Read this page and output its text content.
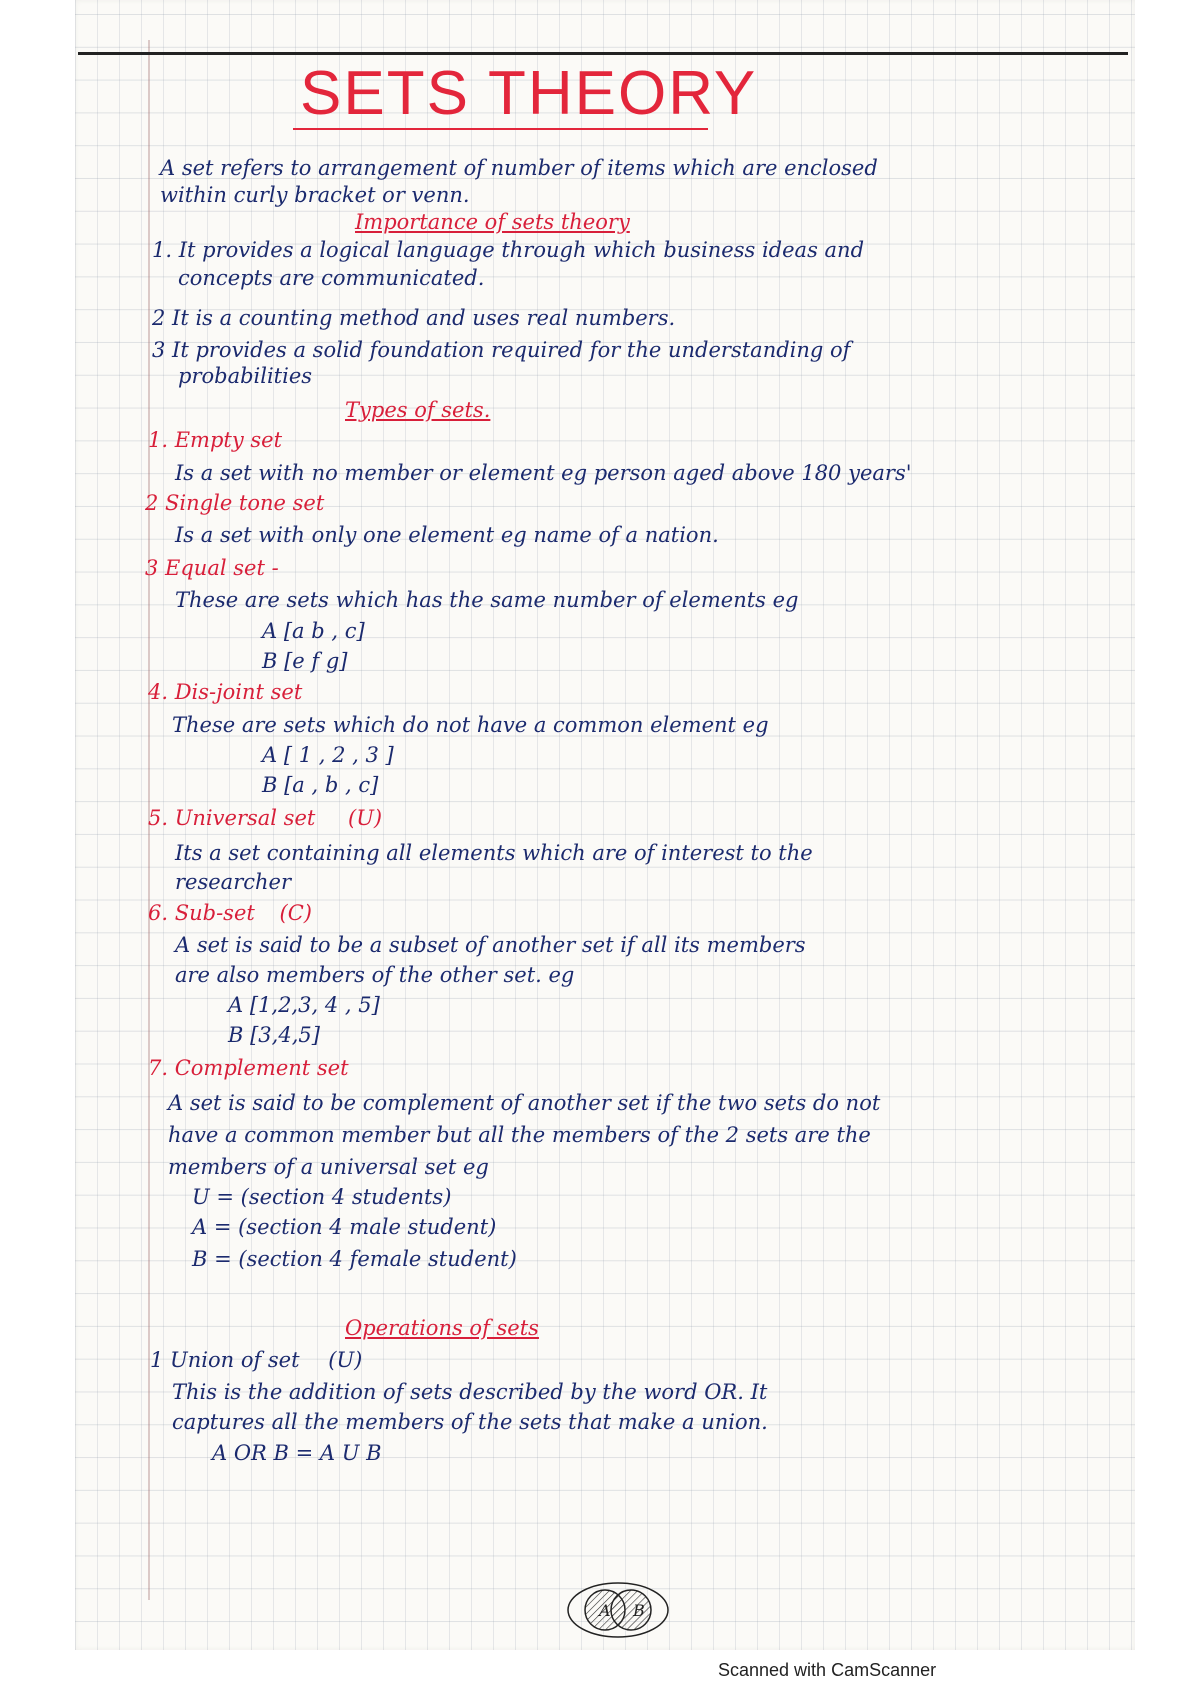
SETS THEORY
A set refers to arrangement of number of items which are enclosed
within curly bracket or venn.
Importance of sets theory
1. It provides a logical language through which business ideas and
concepts are communicated.
2 It is a counting method and uses real numbers.
3 It provides a solid foundation required for the understanding of
probabilities
Types of sets.
1. Empty set
Is a set with no member or element eg person aged above 180 years'
2 Single tone set
Is a set with only one element eg name of a nation.
3 Equal set -
These are sets which has the same number of elements eg
A [a b , c]
B [e f g]
4. Dis-joint set
These are sets which do not have a common element eg
A [ 1 , 2 , 3 ]
B [a , b , c]
5. Universal set (U)
Its a set containing all elements which are of interest to the
researcher
6. Sub-set (C)
A set is said to be a subset of another set if all its members
are also members of the other set. eg
A [1,2,3, 4 , 5]
B [3,4,5]
7. Complement set
A set is said to be complement of another set if the two sets do not
have a common member but all the members of the 2 sets are the
members of a universal set eg
U = (section 4 students)
A = (section 4 male student)
B = (section 4 female student)
Operations of sets
1 Union of set (U)
This is the addition of sets described by the word OR. It
captures all the members of the sets that make a union.
A OR B = A U B
A B
Scanned with CamScanner
